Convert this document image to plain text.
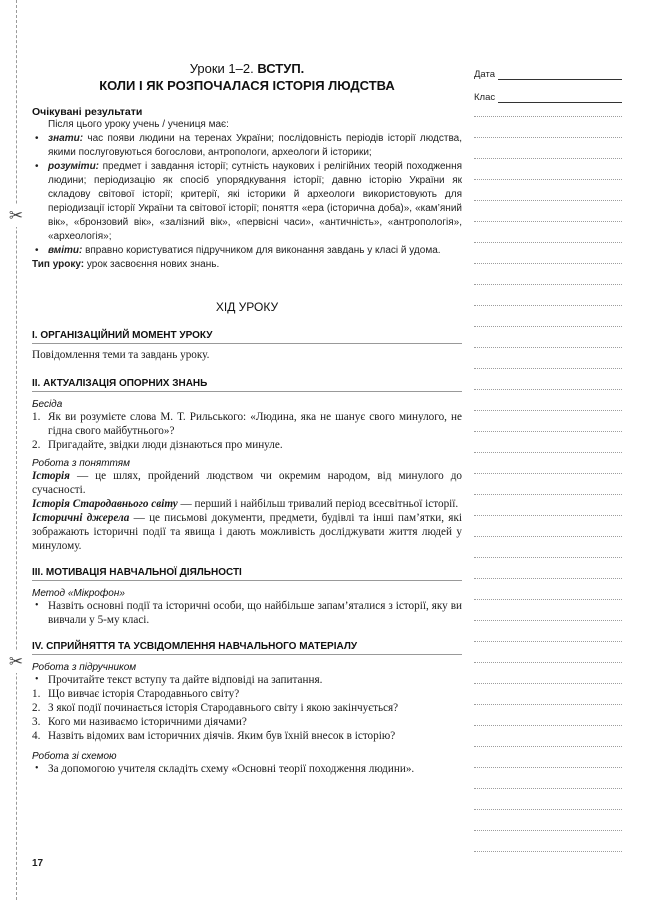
✂
✂
Дата
Клас
Уроки 1–2. ВСТУП.
КОЛИ І ЯК РОЗПОЧАЛАСЯ ІСТОРІЯ ЛЮДСТВА
Очікувані результати
Після цього уроку учень / учениця має:
• знати: час появи людини на теренах України; послідовність періодів історії людства, якими послуговуються богослови, антропологи, археологи й історики;
• розуміти: предмет і завдання історії; сутність наукових і релігійних теорій походження людини; періодизацію як спосіб упорядкування історії; давню історію України як складову світової історії; критерії, які історики й археологи використовують для періодизації історії України та світової історії; поняття «ера (історична доба)», «кам’яний вік», «бронзовий вік», «залізний вік», «первісні часи», «античність», «антропологія», «археологія»;
• вміти: вправно користуватися підручником для виконання завдань у класі й удома.
Тип уроку: урок засвоєння нових знань.
ХІД УРОКУ
I. ОРГАНІЗАЦІЙНИЙ МОМЕНТ УРОКУ
Повідомлення теми та завдань уроку.
II. АКТУАЛІЗАЦІЯ ОПОРНИХ ЗНАНЬ
Бесіда
1. Як ви розумієте слова М. Т. Рильського: «Людина, яка не шанує свого минулого, не гідна свого майбутнього»?
2. Пригадайте, звідки люди дізнаються про минуле.
Робота з поняттям
Історія — це шлях, пройдений людством чи окремим народом, від минулого до сучасності.
Історія Стародавнього світу — перший і найбільш тривалий період всесвітньої історії.
Історичні джерела — це письмові документи, предмети, будівлі та інші пам’ятки, які зображають історичні події та явища і дають можливість досліджувати життя людей у минулому.
III. МОТИВАЦІЯ НАВЧАЛЬНОЇ ДІЯЛЬНОСТІ
Метод «Мікрофон»
• Назвіть основні події та історичні особи, що найбільше запам’яталися з історії, яку ви вивчали у 5-му класі.
IV. СПРИЙНЯТТЯ ТА УСВІДОМЛЕННЯ НАВЧАЛЬНОГО МАТЕРІАЛУ
Робота з підручником
• Прочитайте текст вступу та дайте відповіді на запитання.
1. Що вивчає історія Стародавнього світу?
2. З якої події починається історія Стародавнього світу і якою закінчується?
3. Кого ми називаємо історичними діячами?
4. Назвіть відомих вам історичних діячів. Яким був їхній внесок в історію?
Робота зі схемою
• За допомогою учителя складіть схему «Основні теорії походження людини».
17
